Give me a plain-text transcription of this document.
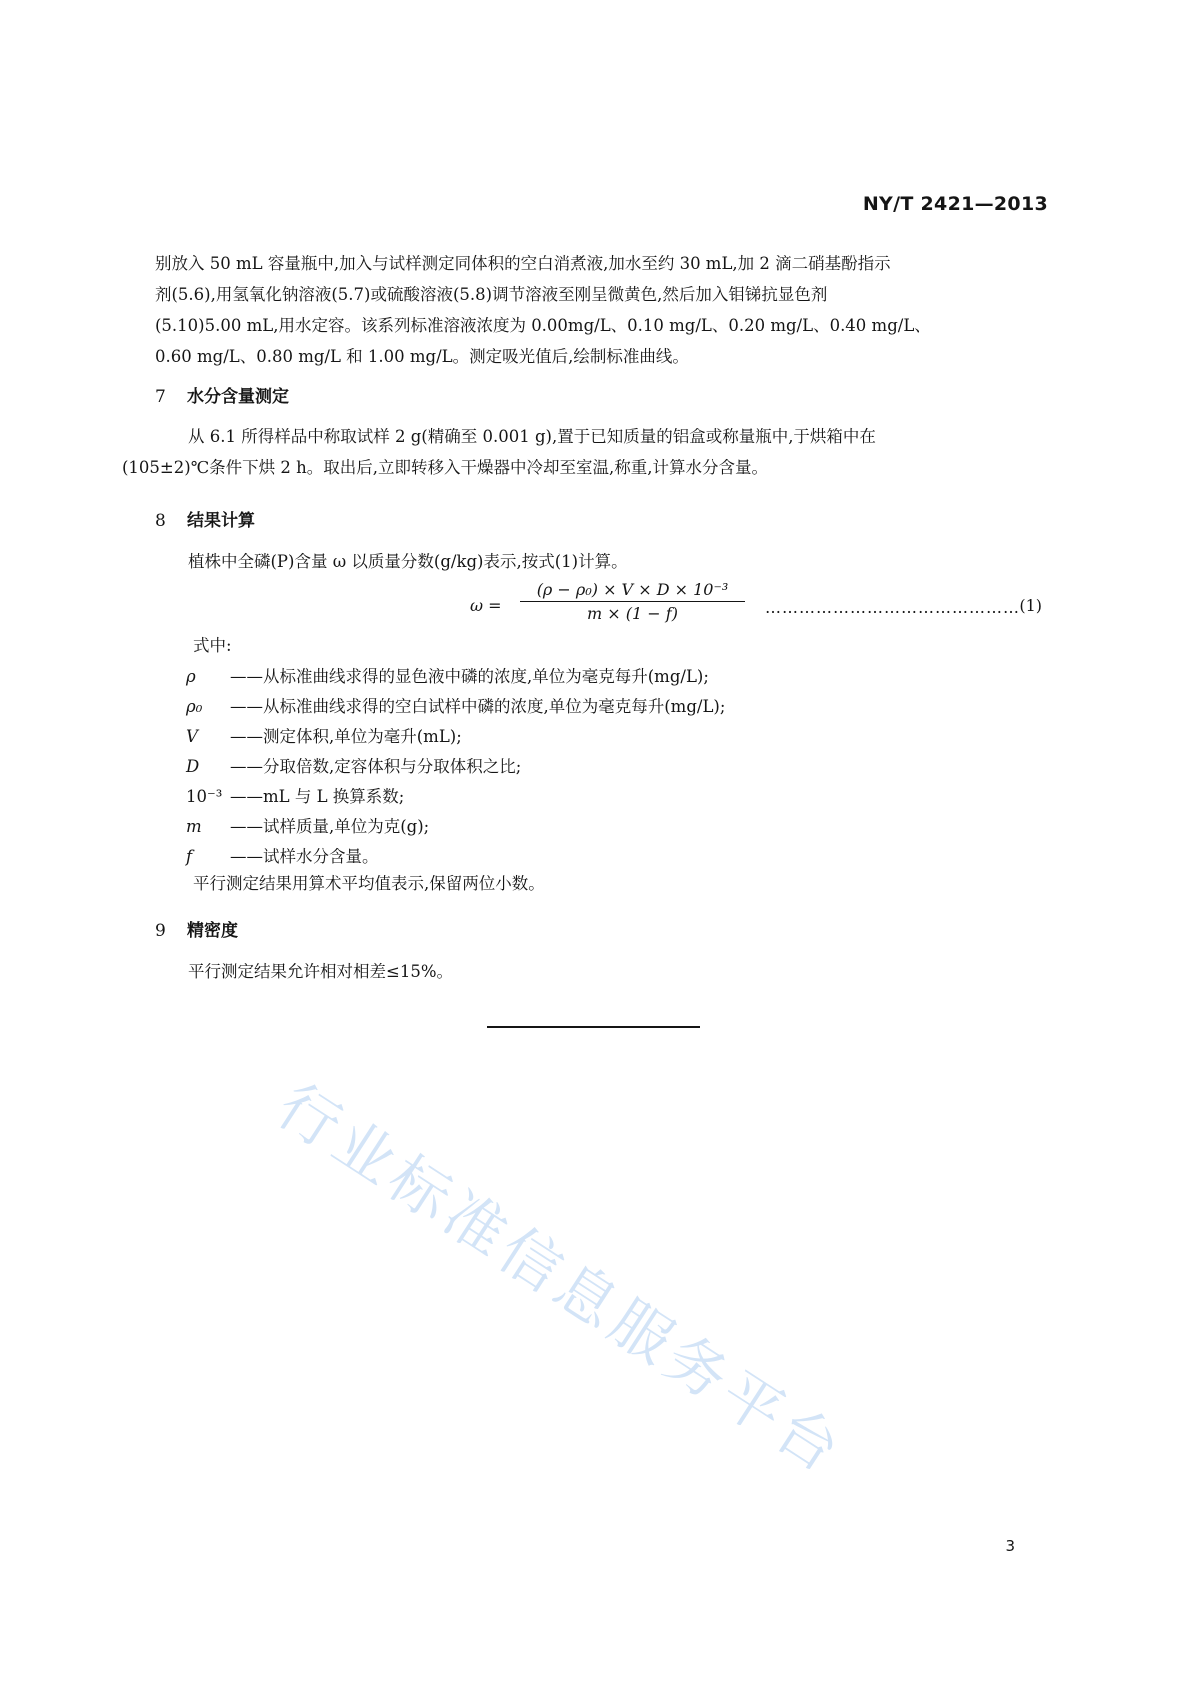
NY/T 2421—2013

别放入 50 mL 容量瓶中,加入与试样测定同体积的空白消煮液,加水至约 30 mL,加 2 滴二硝基酚指示
剂(5.6),用氢氧化钠溶液(5.7)或硫酸溶液(5.8)调节溶液至刚呈微黄色,然后加入钼锑抗显色剂
(5.10)5.00 mL,用水定容。该系列标准溶液浓度为 0.00mg/L、0.10 mg/L、0.20 mg/L、0.40 mg/L、
0.60 mg/L、0.80 mg/L 和 1.00 mg/L。测定吸光值后,绘制标准曲线。
7 水分含量测定
从 6.1 所得样品中称取试样 2 g(精确至 0.001 g),置于已知质量的铝盒或称量瓶中,于烘箱中在
(105±2)℃条件下烘 2 h。取出后,立即转移入干燥器中冷却至室温,称重,计算水分含量。
8 结果计算

植株中全磷(P)含量 ω 以质量分数(g/kg)表示,按式(1)计算。

$\omega = \frac{\text{(ρ − ρ₀) × V × D × 10⁻³}}{m \times (1 - f)}$ ……………………………………… (1)

式中:

ρ ——从标准曲线求得的显色液中磷的浓度,单位为毫克每升(mg/L);
ρ₀ ——从标准曲线求得的空白试样中磷的浓度,单位为毫克每升(mg/L);
V ——测定体积,单位为毫升(mL);
D ——分取倍数,定容体积与分取体积之比;
10⁻³ ——mL 与 L 换算系数;
m ——试样质量,单位为克(g);
f ——试样水分含量。

平行测定结果用算术平均值表示,保留两位小数。

9 精密度

平行测定结果允许相对相差≤15%。

行业标准信息服务平台

3
